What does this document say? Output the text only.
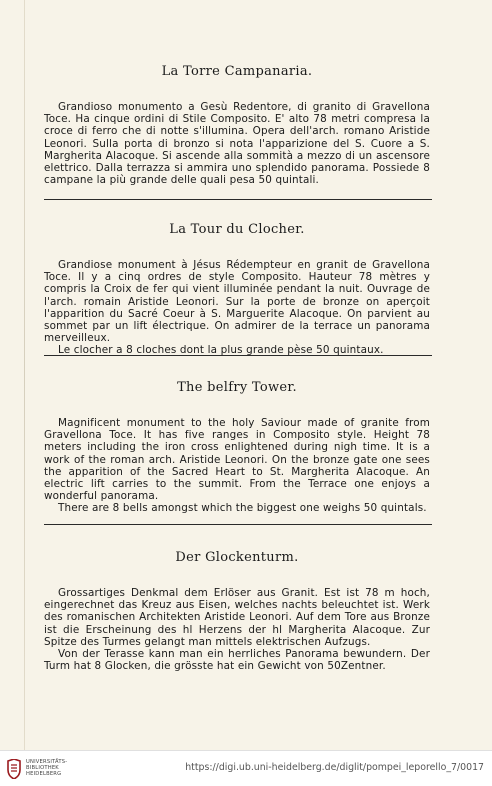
La Torre Campanaria.

Grandioso monumento a Gesù Redentore, di granito di Gravellona Toce. Ha cinque ordini di Stile Composito. E' alto 78 metri compresa la croce di ferro che di notte s'illumina. Opera dell'arch. romano Aristide Leonori. Sulla porta di bronzo si nota l'apparizione del S. Cuore a S. Margherita Alacoque. Si ascende alla sommità a mezzo di un ascensore elettrico. Dalla terrazza si ammira uno splendido panorama. Possiede 8 campane la più grande delle quali pesa 50 quintali.

La Tour du Clocher.

Grandiose monument à Jésus Rédempteur en granit de Gravellona Toce. Il y a cinq ordres de style Composito. Hauteur 78 mètres y compris la Croix de fer qui vient illuminée pendant la nuit. Ouvrage de l'arch. romain Aristide Leonori. Sur la porte de bronze on aperçoit l'apparition du Sacré Coeur à S. Marguerite Alacoque. On parvient au sommet par un lift électrique. On admirer de la terrace un panorama merveilleux.

Le clocher a 8 cloches dont la plus grande pèse 50 quintaux.

The belfry Tower.

Magnificent monument to the holy Saviour made of granite from Gravellona Toce. It has five ranges in Composito style. Height 78 meters including the iron cross enlightened during nigh time. It is a work of the roman arch. Aristide Leonori. On the bronze gate one sees the apparition of the Sacred Heart to St. Margherita Alacoque. An electric lift carries to the summit. From the Terrace one enjoys a wonderful panorama.

There are 8 bells amongst which the biggest one weighs 50 quintals.

Der Glockenturm.

Grossartiges Denkmal dem Erlöser aus Granit. Est ist 78 m hoch, eingerechnet das Kreuz aus Eisen, welches nachts beleuchtet ist. Werk des romanischen Architekten Aristide Leonori. Auf dem Tore aus Bronze ist die Erscheinung des hl Herzens der hl Margherita Alacoque. Zur Spitze des Turmes gelangt man mittels elektrischen Aufzugs.

Von der Terasse kann man ein herrliches Panorama bewundern. Der Turm hat 8 Glocken, die grösste hat ein Gewicht von 50Zentner.

UNIVERSITÄTS-
BIBLIOTHEK
HEIDELBERG
https://digi.ub.uni-heidelberg.de/diglit/pompei_leporello_7/0017
